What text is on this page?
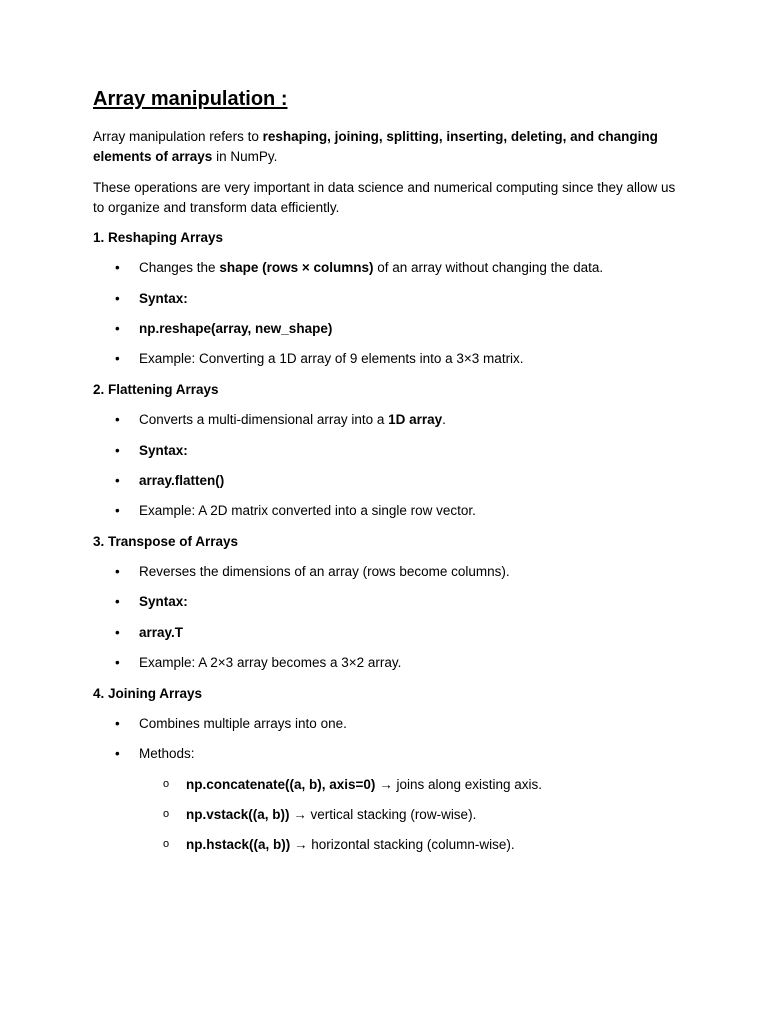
Array manipulation :

Array manipulation refers to reshaping, joining, splitting, inserting, deleting, and changing elements of arrays in NumPy.

These operations are very important in data science and numerical computing since they allow us to organize and transform data efficiently.

1. Reshaping Arrays

• Changes the shape (rows × columns) of an array without changing the data.

• Syntax:

• np.reshape(array, new_shape)

• Example: Converting a 1D array of 9 elements into a 3×3 matrix.

2. Flattening Arrays

• Converts a multi-dimensional array into a 1D array.

• Syntax:

• array.flatten()

• Example: A 2D matrix converted into a single row vector.

3. Transpose of Arrays

• Reverses the dimensions of an array (rows become columns).

• Syntax:

• array.T

• Example: A 2×3 array becomes a 3×2 array.

4. Joining Arrays

• Combines multiple arrays into one.

• Methods:

o np.concatenate((a, b), axis=0) → joins along existing axis.

o np.vstack((a, b)) → vertical stacking (row-wise).

o np.hstack((a, b)) → horizontal stacking (column-wise).
